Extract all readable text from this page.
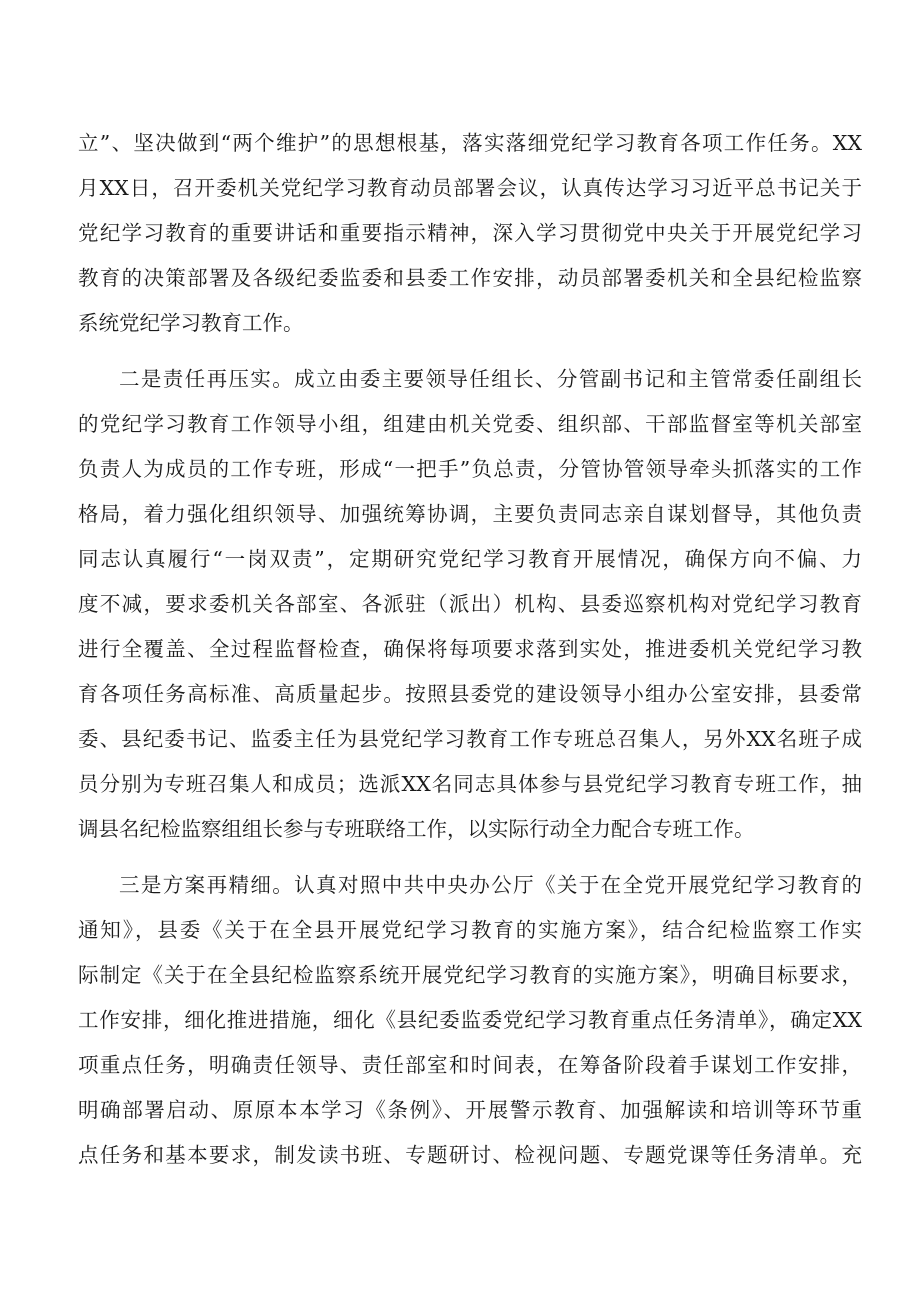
立”、坚决做到“两个维护”的思想根基，落实落细党纪学习教育各项工作任务。XX
月XX日，召开委机关党纪学习教育动员部署会议，认真传达学习习近平总书记关于
党纪学习教育的重要讲话和重要指示精神，深入学习贯彻党中央关于开展党纪学习
教育的决策部署及各级纪委监委和县委工作安排，动员部署委机关和全县纪检监察
系统党纪学习教育工作。
二是责任再压实。成立由委主要领导任组长、分管副书记和主管常委任副组长
的党纪学习教育工作领导小组，组建由机关党委、组织部、干部监督室等机关部室
负责人为成员的工作专班，形成“一把手”负总责，分管协管领导牵头抓落实的工作
格局，着力强化组织领导、加强统筹协调，主要负责同志亲自谋划督导，其他负责
同志认真履行“一岗双责”，定期研究党纪学习教育开展情况，确保方向不偏、力
度不减，要求委机关各部室、各派驻（派出）机构、县委巡察机构对党纪学习教育
进行全覆盖、全过程监督检查，确保将每项要求落到实处，推进委机关党纪学习教
育各项任务高标准、高质量起步。按照县委党的建设领导小组办公室安排，县委常
委、县纪委书记、监委主任为县党纪学习教育工作专班总召集人，另外XX名班子成
员分别为专班召集人和成员；选派XX名同志具体参与县党纪学习教育专班工作，抽
调县名纪检监察组组长参与专班联络工作，以实际行动全力配合专班工作。
三是方案再精细。认真对照中共中央办公厅《关于在全党开展党纪学习教育的
通知》，县委《关于在全县开展党纪学习教育的实施方案》，结合纪检监察工作实
际制定《关于在全县纪检监察系统开展党纪学习教育的实施方案》，明确目标要求，
工作安排，细化推进措施，细化《县纪委监委党纪学习教育重点任务清单》，确定XX
项重点任务，明确责任领导、责任部室和时间表，在筹备阶段着手谋划工作安排，
明确部署启动、原原本本学习《条例》、开展警示教育、加强解读和培训等环节重
点任务和基本要求，制发读书班、专题研讨、检视问题、专题党课等任务清单。充
